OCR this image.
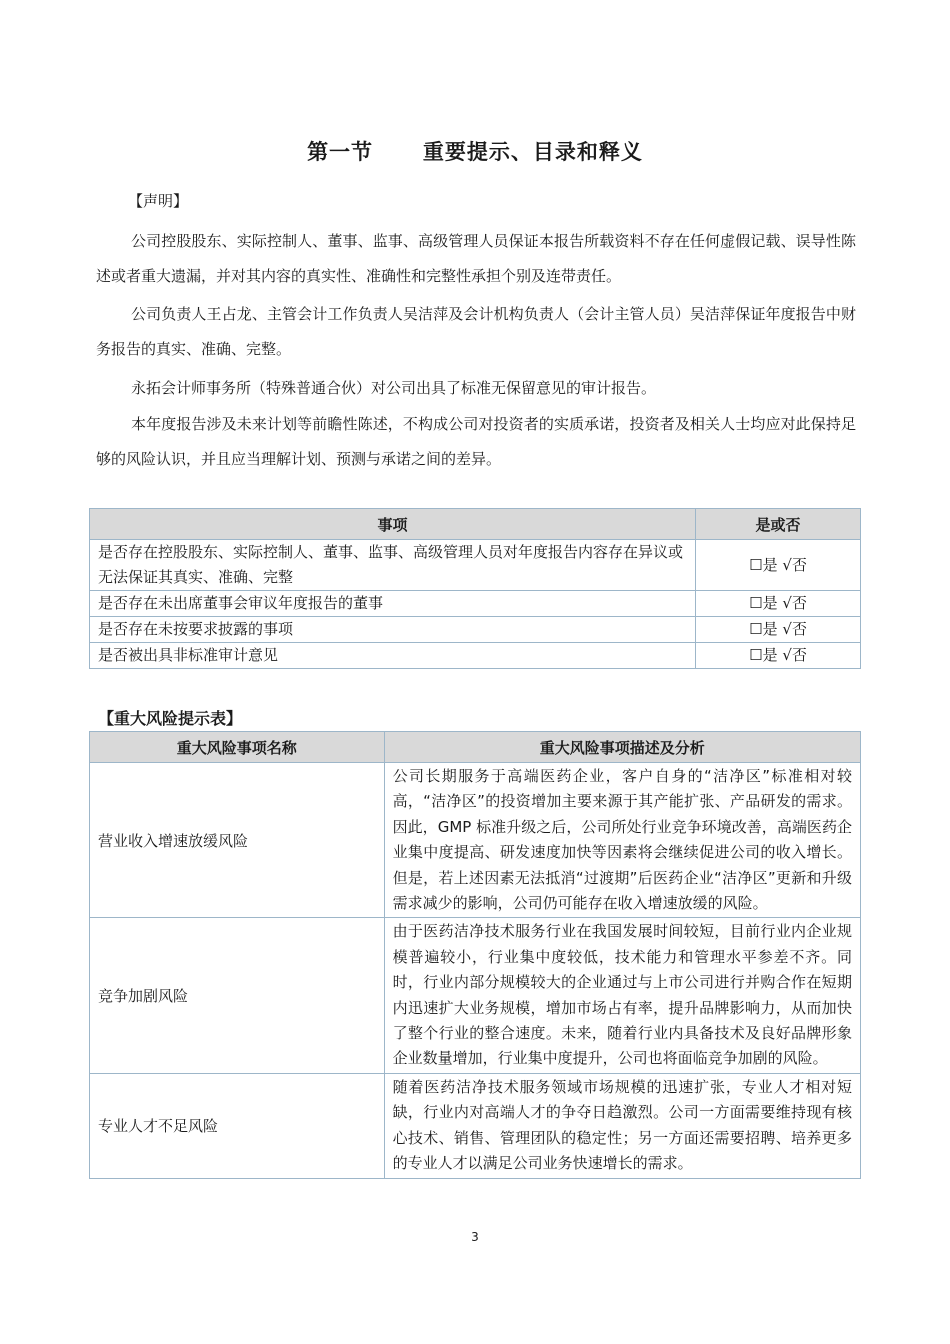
第一节      重要提示、目录和释义
【声明】

公司控股股东、实际控制人、董事、监事、高级管理人员保证本报告所载资料不存在任何虚假记载、误导性陈述或者重大遗漏，并对其内容的真实性、准确性和完整性承担个别及连带责任。

公司负责人王占龙、主管会计工作负责人吴洁萍及会计机构负责人（会计主管人员）吴洁萍保证年度报告中财务报告的真实、准确、完整。

永拓会计师事务所（特殊普通合伙）对公司出具了标准无保留意见的审计报告。

本年度报告涉及未来计划等前瞻性陈述，不构成公司对投资者的实质承诺，投资者及相关人士均应对此保持足够的风险认识，并且应当理解计划、预测与承诺之间的差异。

事项	是或否
是否存在控股股东、实际控制人、董事、监事、高级管理人员对年度报告内容存在异议或无法保证其真实、准确、完整	☐是 √否
是否存在未出席董事会审议年度报告的董事	☐是 √否
是否存在未按要求披露的事项	☐是 √否
是否被出具非标准审计意见	☐是 √否
【重大风险提示表】
重大风险事项名称	重大风险事项描述及分析
营业收入增速放缓风险	公司长期服务于高端医药企业，客户自身的“洁净区”标准相对较高，“洁净区”的投资增加主要来源于其产能扩张、产品研发的需求。因此，GMP 标准升级之后，公司所处行业竞争环境改善，高端医药企业集中度提高、研发速度加快等因素将会继续促进公司的收入增长。但是，若上述因素无法抵消“过渡期”后医药企业“洁净区”更新和升级需求减少的影响，公司仍可能存在收入增速放缓的风险。
竞争加剧风险	由于医药洁净技术服务行业在我国发展时间较短，目前行业内企业规模普遍较小，行业集中度较低，技术能力和管理水平参差不齐。同时，行业内部分规模较大的企业通过与上市公司进行并购合作在短期内迅速扩大业务规模，增加市场占有率，提升品牌影响力，从而加快了整个行业的整合速度。未来，随着行业内具备技术及良好品牌形象企业数量增加，行业集中度提升，公司也将面临竞争加剧的风险。
专业人才不足风险	随着医药洁净技术服务领域市场规模的迅速扩张，专业人才相对短缺，行业内对高端人才的争夺日趋激烈。公司一方面需要维持现有核心技术、销售、管理团队的稳定性；另一方面还需要招聘、培养更多的专业人才以满足公司业务快速增长的需求。
3
